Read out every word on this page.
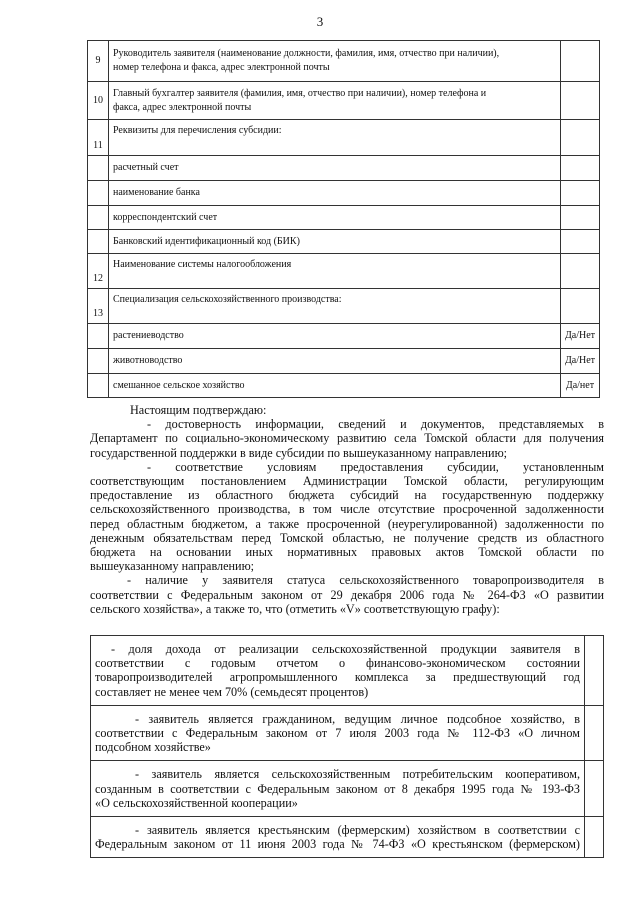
3
9	Руководитель заявителя (наименование должности, фамилия, имя, отчество при наличии),
номер телефона и факса, адрес электронной почты	

10	Главный бухгалтер заявителя (фамилия, имя, отчество при наличии), номер телефона и
факса, адрес электронной почты	

11	Реквизиты для перечисления субсидии:	
	расчетный счет	
	наименование банка	
	корреспондентский счет	
	Банковский идентификационный код (БИК)	
12	Наименование системы налогообложения	
13	Специализация сельскохозяйственного производства:	
	растениеводство	Да/Нет
	животноводство	Да/Нет
	смешанное сельское хозяйство	Да/нет

Настоящим подтверждаю:

- достоверность информации, сведений и документов, представляемых в

Департамент по социально-экономическому развитию села Томской области для получения

государственной поддержки в виде субсидии по вышеуказанному направлению;

- соответствие условиям предоставления субсидии, установленным

соответствующим постановлением Администрации Томской области, регулирующим

предоставление из областного бюджета субсидий на государственную поддержку

сельскохозяйственного производства, в том числе отсутствие просроченной задолженности

перед областным бюджетом, а также просроченной (неурегулированной) задолженности по

денежным обязательствам перед Томской областью, не получение средств из областного

бюджета на основании иных нормативных правовых актов Томской области по

вышеуказанному направлению;

- наличие у заявителя статуса сельскохозяйственного товаропроизводителя в

соответствии с Федеральным законом от 29 декабря 2006 года № 264-ФЗ «О развитии

сельского хозяйства», а также то, что (отметить «V» соответствующую графу):

- доля дохода от реализации сельскохозяйственной продукции заявителя в

соответствии с годовым отчетом о финансово-экономическом состоянии

товаропроизводителей агропромышленного комплекса за предшествующий год

составляет не менее чем 70% (семьдесят процентов)	

- заявитель является гражданином, ведущим личное подсобное хозяйство, в

соответствии с Федеральным законом от 7 июля 2003 года № 112-ФЗ «О личном

подсобном хозяйстве»	

- заявитель является сельскохозяйственным потребительским кооперативом,

созданным в соответствии с Федеральным законом от 8 декабря 1995 года № 193-ФЗ

«О сельскохозяйственной кооперации»	

- заявитель является крестьянским (фермерским) хозяйством в соответствии с

Федеральным законом от 11 июня 2003 года № 74-ФЗ «О крестьянском (фермерском)	
